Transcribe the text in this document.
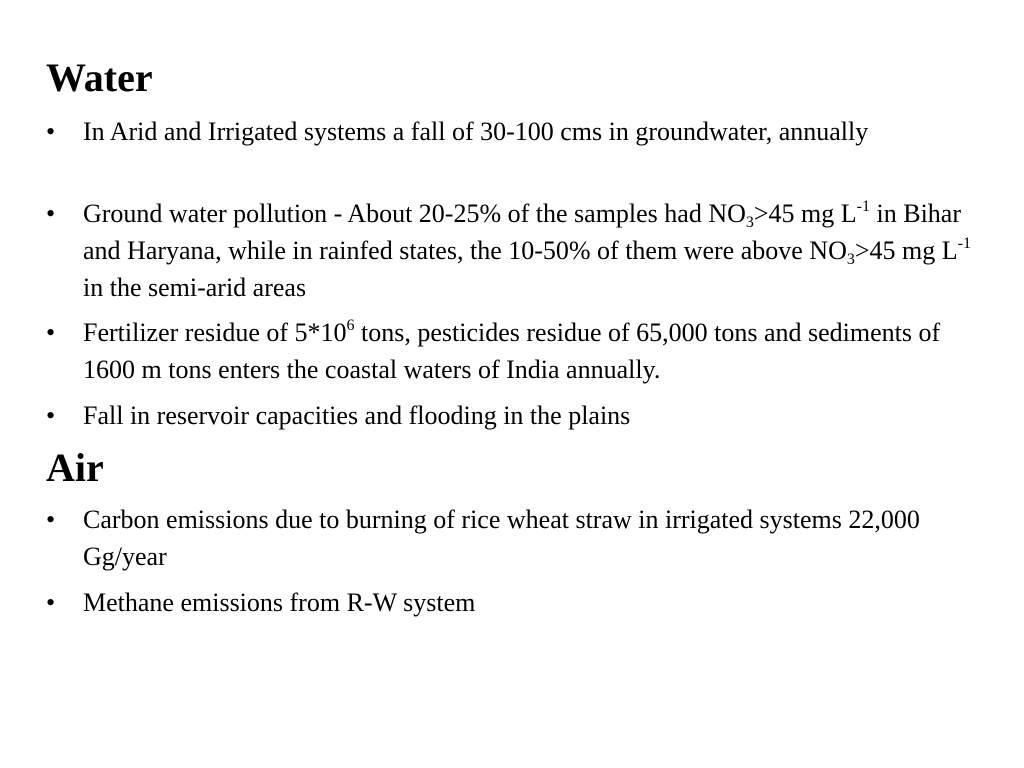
Water
•	In Arid and Irrigated systems a fall of 30-100 cms in groundwater, annually
•	Ground water pollution - About 20-25% of the samples had $NO_3>45$ mg $L^{-1}$ in Bihar and Haryana, while in rainfed states, the 10-50% of them were above $NO_3>45$ mg $L^{-1}$ in the semi-arid areas
•	Fertilizer residue of $5*10^6$ tons, pesticides residue of 65,000 tons and sediments of 1600 m tons enters the coastal waters of India annually.
•	Fall in reservoir capacities and flooding in the plains
Air
•	Carbon emissions due to burning of rice wheat straw in irrigated systems 22,000 Gg/year
•	Methane emissions from R-W system
